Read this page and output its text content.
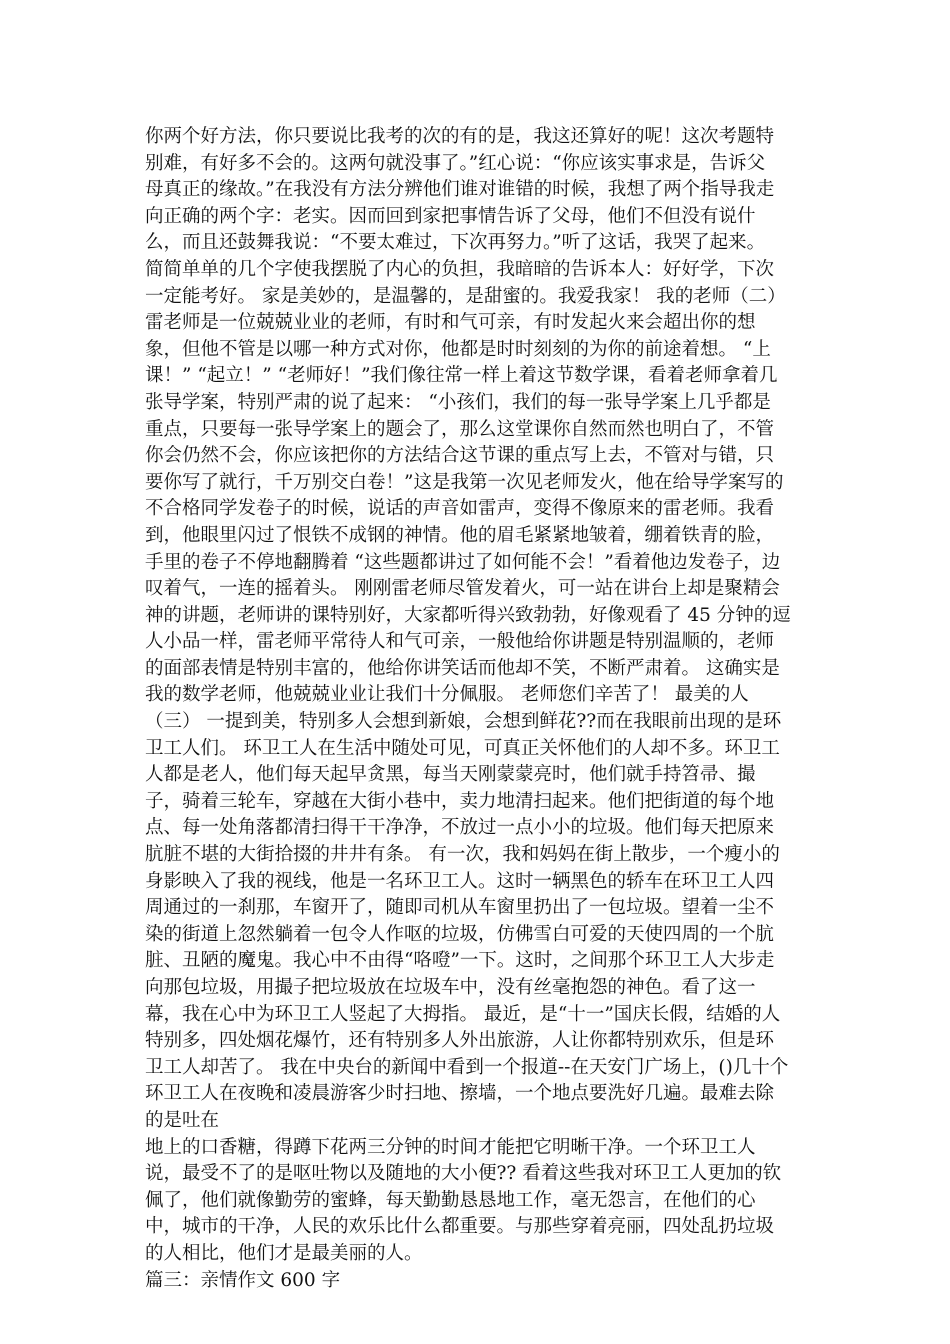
你两个好方法，你只要说比我考的次的有的是，我这还算好的呢！这次考题特
别难，有好多不会的。这两句就没事了。”红心说：“你应该实事求是，告诉父
母真正的缘故。”在我没有方法分辨他们谁对谁错的时候，我想了两个指导我走
向正确的两个字：老实。因而回到家把事情告诉了父母，他们不但没有说什
么，而且还鼓舞我说：“不要太难过，下次再努力。”听了这话，我哭了起来。
简简单单的几个字使我摆脱了内心的负担，我暗暗的告诉本人：好好学，下次
一定能考好。 家是美妙的，是温馨的，是甜蜜的。我爱我家！ 我的老师（二）
雷老师是一位兢兢业业的老师，有时和气可亲，有时发起火来会超出你的想
象，但他不管是以哪一种方式对你，他都是时时刻刻的为你的前途着想。 “上
课！” “起立！” “老师好！”我们像往常一样上着这节数学课，看着老师拿着几
张导学案，特别严肃的说了起来： “小孩们，我们的每一张导学案上几乎都是
重点，只要每一张导学案上的题会了，那么这堂课你自然而然也明白了，不管
你会仍然不会，你应该把你的方法结合这节课的重点写上去，不管对与错，只
要你写了就行，千万别交白卷！”这是我第一次见老师发火，他在给导学案写的
不合格同学发卷子的时候，说话的声音如雷声，变得不像原来的雷老师。我看
到，他眼里闪过了恨铁不成钢的神情。他的眉毛紧紧地皱着，绷着铁青的脸，
手里的卷子不停地翻腾着 “这些题都讲过了如何能不会！”看着他边发卷子，边
叹着气，一连的摇着头。 刚刚雷老师尽管发着火，可一站在讲台上却是聚精会
神的讲题，老师讲的课特别好，大家都听得兴致勃勃，好像观看了 45 分钟的逗
人小品一样，雷老师平常待人和气可亲，一般他给你讲题是特别温顺的，老师
的面部表情是特别丰富的，他给你讲笑话而他却不笑，不断严肃着。 这确实是
我的数学老师，他兢兢业业让我们十分佩服。 老师您们辛苦了！ 最美的人
（三） 一提到美，特别多人会想到新娘，会想到鲜花??而在我眼前出现的是环
卫工人们。 环卫工人在生活中随处可见，可真正关怀他们的人却不多。环卫工
人都是老人，他们每天起早贪黑，每当天刚蒙蒙亮时，他们就手持笤帚、撮
子，骑着三轮车，穿越在大街小巷中，卖力地清扫起来。他们把街道的每个地
点、每一处角落都清扫得干干净净，不放过一点小小的垃圾。他们每天把原来
肮脏不堪的大街拾掇的井井有条。 有一次，我和妈妈在街上散步，一个瘦小的
身影映入了我的视线，他是一名环卫工人。这时一辆黑色的轿车在环卫工人四
周通过的一刹那，车窗开了，随即司机从车窗里扔出了一包垃圾。望着一尘不
染的街道上忽然躺着一包令人作呕的垃圾，仿佛雪白可爱的天使四周的一个肮
脏、丑陋的魔鬼。我心中不由得“咯噔”一下。这时，之间那个环卫工人大步走
向那包垃圾，用撮子把垃圾放在垃圾车中，没有丝毫抱怨的神色。看了这一
幕，我在心中为环卫工人竖起了大拇指。 最近，是“十一”国庆长假，结婚的人
特别多，四处烟花爆竹，还有特别多人外出旅游，人让你都特别欢乐，但是环
卫工人却苦了。 我在中央台的新闻中看到一个报道--在天安门广场上，()几十个
环卫工人在夜晚和凌晨游客少时扫地、擦墙，一个地点要洗好几遍。最难去除
的是吐在
地上的口香糖，得蹲下花两三分钟的时间才能把它明晰干净。一个环卫工人
说，最受不了的是呕吐物以及随地的大小便?? 看着这些我对环卫工人更加的钦
佩了，他们就像勤劳的蜜蜂，每天勤勤恳恳地工作，毫无怨言，在他们的心
中，城市的干净，人民的欢乐比什么都重要。与那些穿着亮丽，四处乱扔垃圾
的人相比，他们才是最美丽的人。
篇三：亲情作文 600 字
